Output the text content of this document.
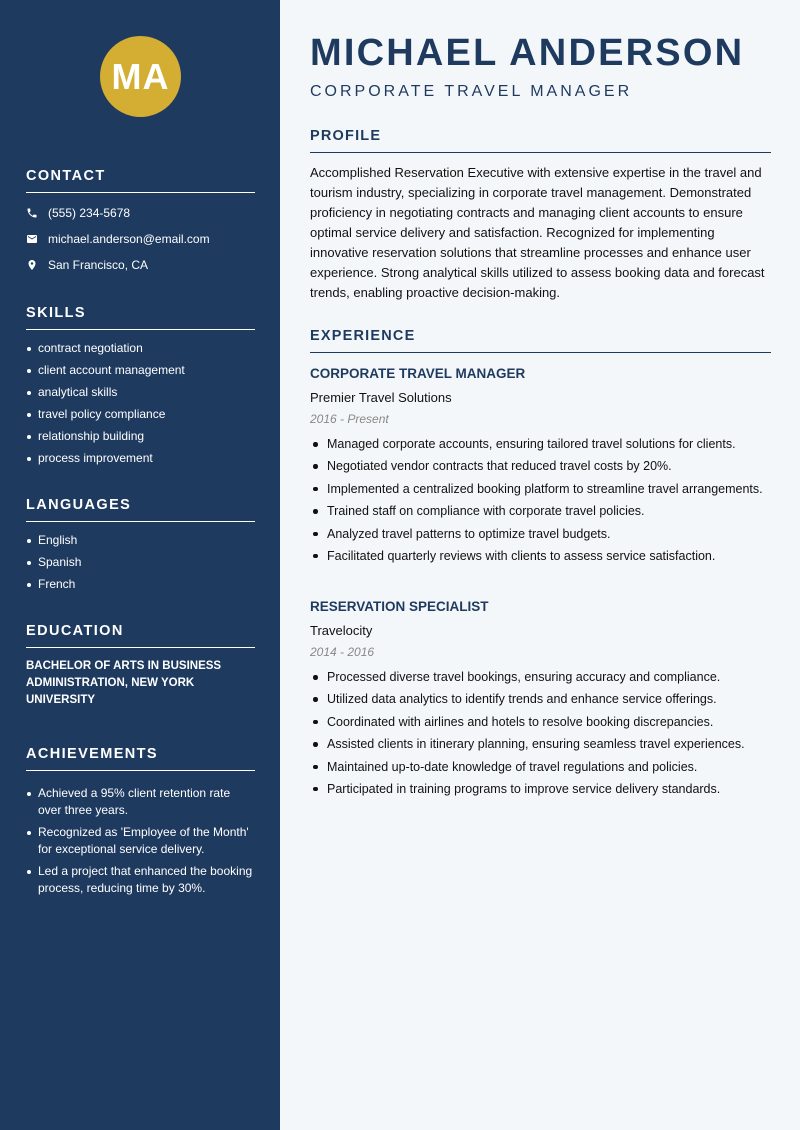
MA
CONTACT
(555) 234-5678
michael.anderson@email.com
San Francisco, CA
SKILLS
contract negotiation
client account management
analytical skills
travel policy compliance
relationship building
process improvement
LANGUAGES
English
Spanish
French
EDUCATION
BACHELOR OF ARTS IN BUSINESS ADMINISTRATION, NEW YORK UNIVERSITY
ACHIEVEMENTS
Achieved a 95% client retention rate over three years.
Recognized as 'Employee of the Month' for exceptional service delivery.
Led a project that enhanced the booking process, reducing time by 30%.
MICHAEL ANDERSON
CORPORATE TRAVEL MANAGER
PROFILE
Accomplished Reservation Executive with extensive expertise in the travel and tourism industry, specializing in corporate travel management. Demonstrated proficiency in negotiating contracts and managing client accounts to ensure optimal service delivery and satisfaction. Recognized for implementing innovative reservation solutions that streamline processes and enhance user experience. Strong analytical skills utilized to assess booking data and forecast trends, enabling proactive decision-making.
EXPERIENCE
CORPORATE TRAVEL MANAGER
Premier Travel Solutions
2016 - Present
Managed corporate accounts, ensuring tailored travel solutions for clients.
Negotiated vendor contracts that reduced travel costs by 20%.
Implemented a centralized booking platform to streamline travel arrangements.
Trained staff on compliance with corporate travel policies.
Analyzed travel patterns to optimize travel budgets.
Facilitated quarterly reviews with clients to assess service satisfaction.
RESERVATION SPECIALIST
Travelocity
2014 - 2016
Processed diverse travel bookings, ensuring accuracy and compliance.
Utilized data analytics to identify trends and enhance service offerings.
Coordinated with airlines and hotels to resolve booking discrepancies.
Assisted clients in itinerary planning, ensuring seamless travel experiences.
Maintained up-to-date knowledge of travel regulations and policies.
Participated in training programs to improve service delivery standards.
